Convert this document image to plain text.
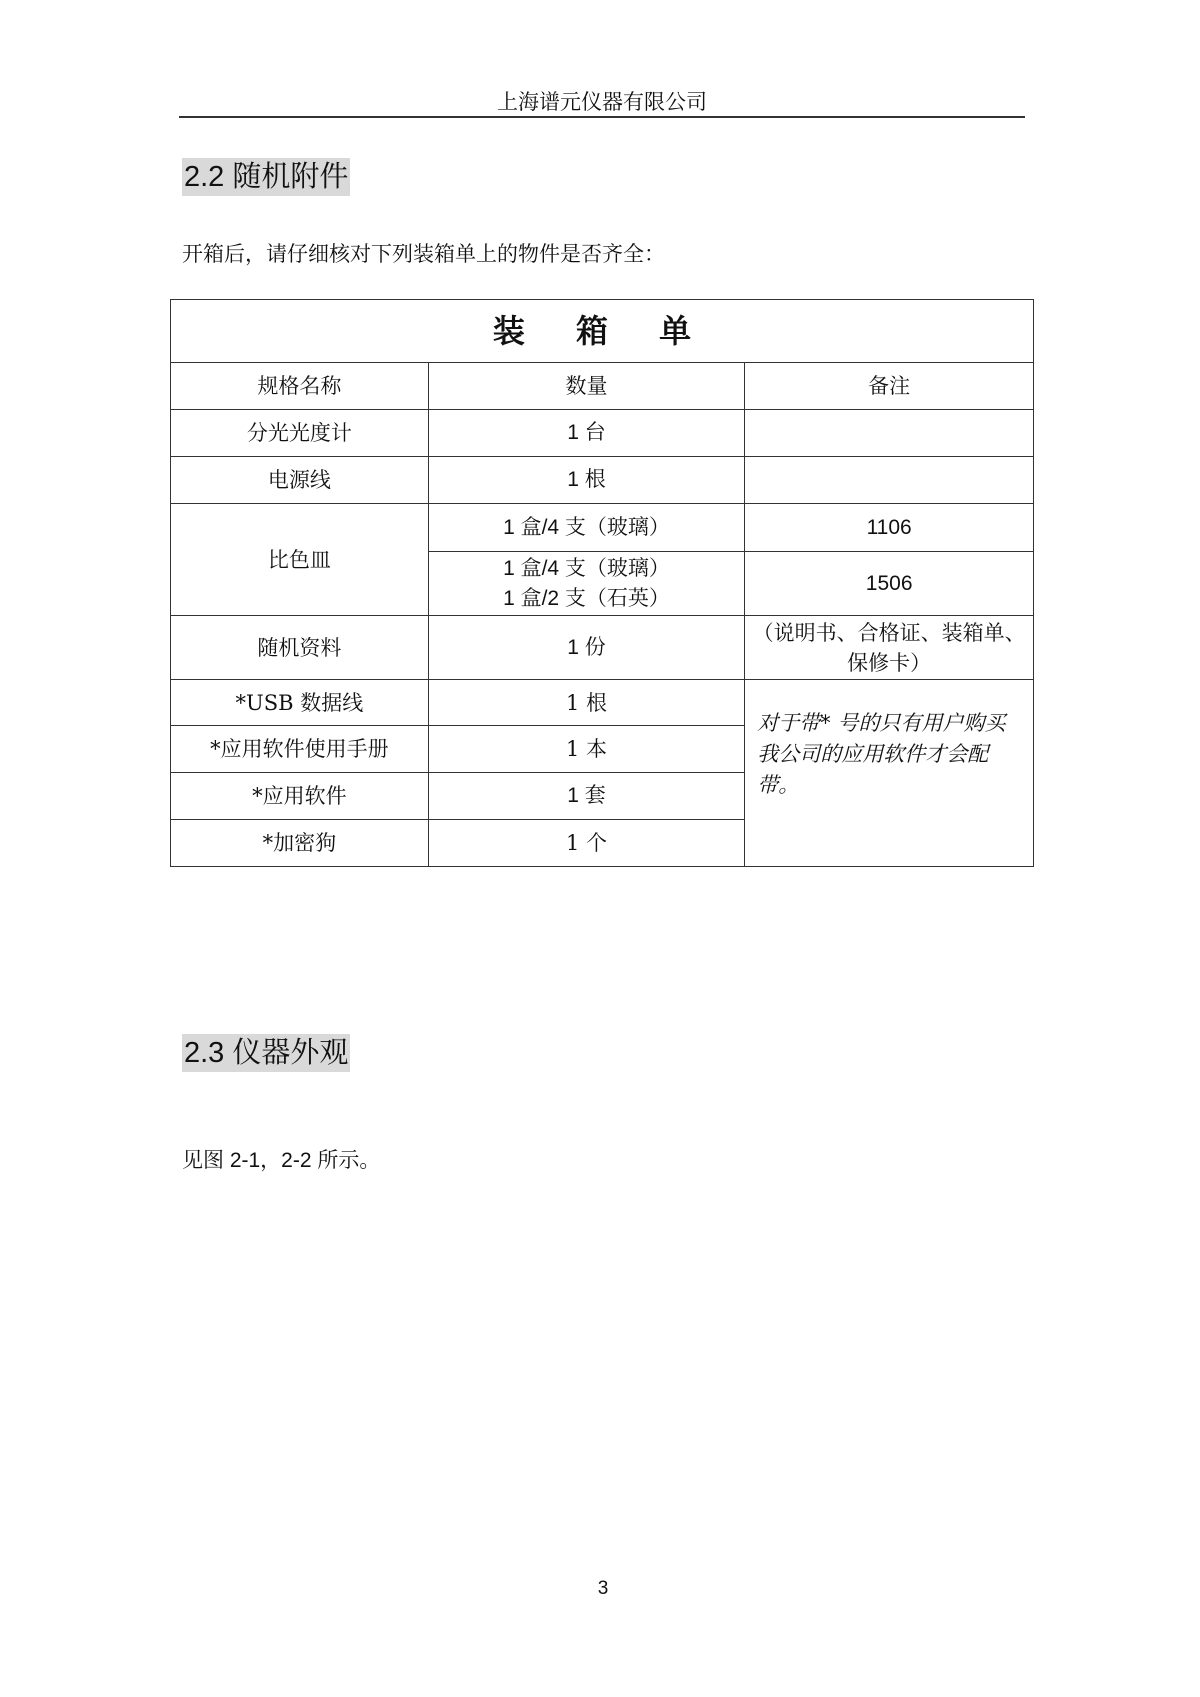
上海谱元仪器有限公司
2.2 随机附件
开箱后，请仔细核对下列装箱单上的物件是否齐全：
装 箱 单		
规格名称	数量	备注
分光光度计	1 台	
电源线	1 根	
比色皿	1 盒/4 支（玻璃）	1106

	1 盒/4 支（玻璃）
1 盒/2 支（石英）	1506
随机资料	1 份	（说明书、合格证、装箱单、保修卡）
*USB 数据线	1 根	对于带* 号的只有用户购买我公司的应用软件才会配带。
*应用软件使用手册	1 本	
*应用软件	1 套	
*加密狗	1 个	
2.3 仪器外观
见图 2-1，2-2 所示。
3
